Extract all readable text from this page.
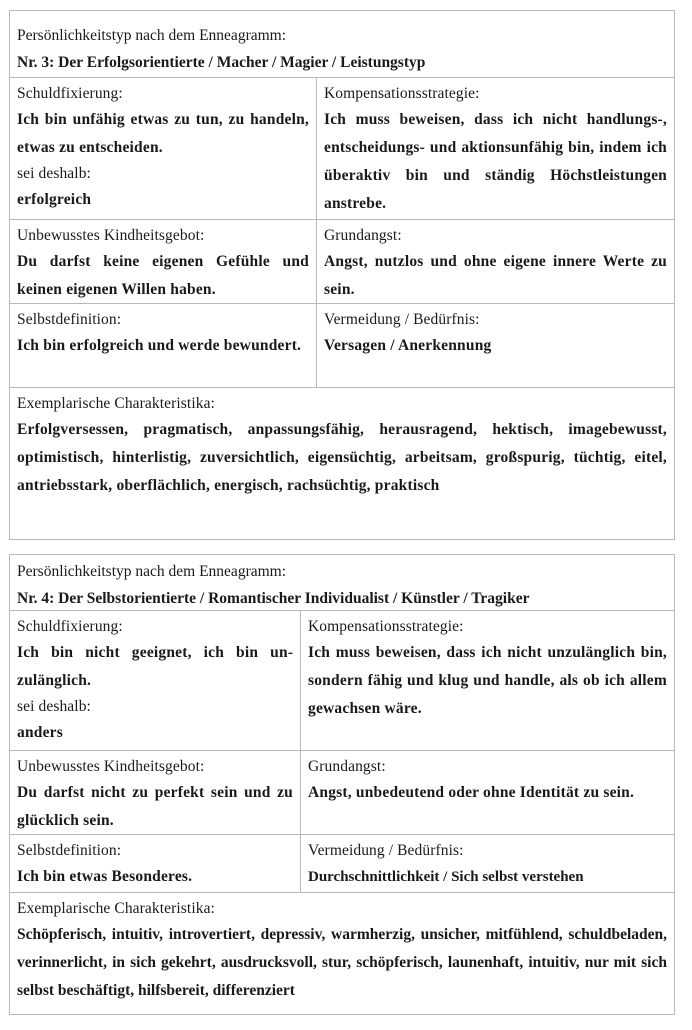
Persönlichkeitstyp nach dem Enneagramm:
Nr. 3: Der Erfolgsorientierte / Macher / Magier / Leistungstyp
Schuldfixierung:
Ich bin unfähig etwas zu tun, zu handeln, etwas zu entscheiden.
sei deshalb:
erfolgreich
Kompensationsstrategie:
Ich muss beweisen, dass ich nicht handlungs-, entscheidungs- und aktionsunfähig bin, indem ich überaktiv bin und ständig Höchstleistungen anstrebe.
Unbewusstes Kindheitsgebot:
Du darfst keine eigenen Gefühle und keinen eigenen Willen haben.
Grundangst:
Angst, nutzlos und ohne eigene innere Werte zu sein.
Selbstdefinition:
Ich bin erfolgreich und werde bewundert.
Vermeidung / Bedürfnis:
Versagen / Anerkennung
Exemplarische Charakteristika:
Erfolgversessen, pragmatisch, anpassungsfähig, herausragend, hektisch, imagebewusst, optimistisch, hinterlistig, zuversichtlich, eigensüchtig, arbeitsam, großspurig, tüchtig, eitel, antriebsstark, oberflächlich, energisch, rachsüchtig, praktisch
Persönlichkeitstyp nach dem Enneagramm:
Nr. 4: Der Selbstorientierte / Romantischer Individualist / Künstler / Tragiker
Schuldfixierung:
Ich bin nicht geeignet, ich bin unzulänglich.
sei deshalb:
anders
Kompensationsstrategie:
Ich muss beweisen, dass ich nicht unzulänglich bin, sondern fähig und klug und handle, als ob ich allem gewachsen wäre.
Unbewusstes Kindheitsgebot:
Du darfst nicht zu perfekt sein und zu glücklich sein.
Grundangst:
Angst, unbedeutend oder ohne Identität zu sein.
Selbstdefinition:
Ich bin etwas Besonderes.
Vermeidung / Bedürfnis:
Durchschnittlichkeit / Sich selbst verstehen
Exemplarische Charakteristika:
Schöpferisch, intuitiv, introvertiert, depressiv, warmherzig, unsicher, mitfühlend, schuldbeladen, verinnerlicht, in sich gekehrt, ausdrucksvoll, stur, schöpferisch, launenhaft, intuitiv, nur mit sich selbst beschäftigt, hilfsbereit, differenziert
